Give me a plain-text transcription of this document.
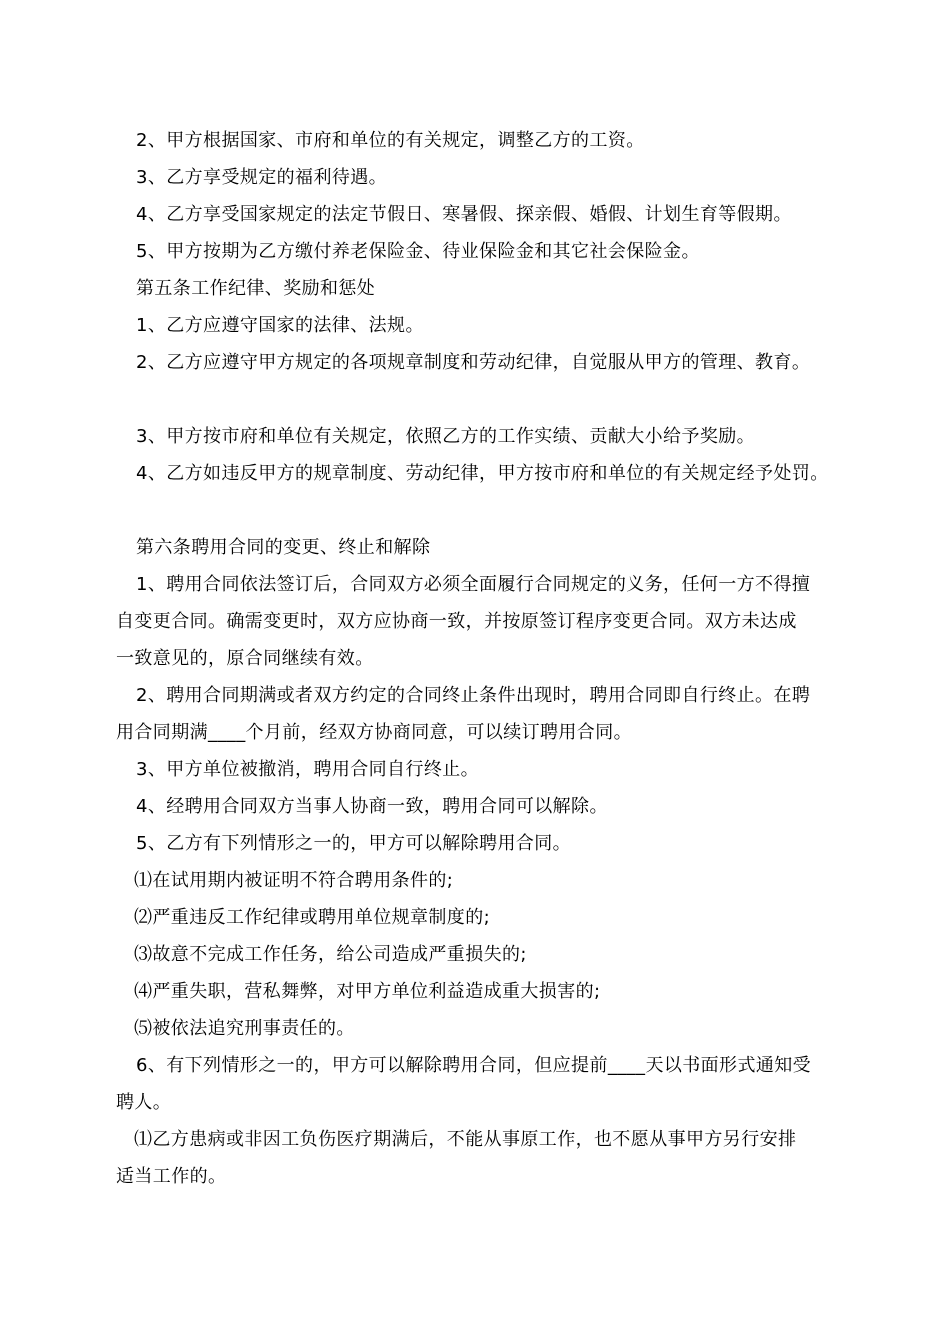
2、甲方根据国家、市府和单位的有关规定，调整乙方的工资。
3、乙方享受规定的福利待遇。
4、乙方享受国家规定的法定节假日、寒暑假、探亲假、婚假、计划生育等假期。
5、甲方按期为乙方缴付养老保险金、待业保险金和其它社会保险金。
第五条工作纪律、奖励和惩处
1、乙方应遵守国家的法律、法规。
2、乙方应遵守甲方规定的各项规章制度和劳动纪律，自觉服从甲方的管理、教育。
3、甲方按市府和单位有关规定，依照乙方的工作实绩、贡献大小给予奖励。
4、乙方如违反甲方的规章制度、劳动纪律，甲方按市府和单位的有关规定经予处罚。
第六条聘用合同的变更、终止和解除
1、聘用合同依法签订后，合同双方必须全面履行合同规定的义务，任何一方不得擅
自变更合同。确需变更时，双方应协商一致，并按原签订程序变更合同。双方未达成
一致意见的，原合同继续有效。
2、聘用合同期满或者双方约定的合同终止条件出现时，聘用合同即自行终止。在聘
用合同期满____个月前，经双方协商同意，可以续订聘用合同。
3、甲方单位被撤消，聘用合同自行终止。
4、经聘用合同双方当事人协商一致，聘用合同可以解除。
5、乙方有下列情形之一的，甲方可以解除聘用合同。
⑴在试用期内被证明不符合聘用条件的;
⑵严重违反工作纪律或聘用单位规章制度的;
⑶故意不完成工作任务，给公司造成严重损失的;
⑷严重失职，营私舞弊，对甲方单位利益造成重大损害的;
⑸被依法追究刑事责任的。
6、有下列情形之一的，甲方可以解除聘用合同，但应提前____天以书面形式通知受
聘人。
⑴乙方患病或非因工负伤医疗期满后，不能从事原工作，也不愿从事甲方另行安排
适当工作的。
